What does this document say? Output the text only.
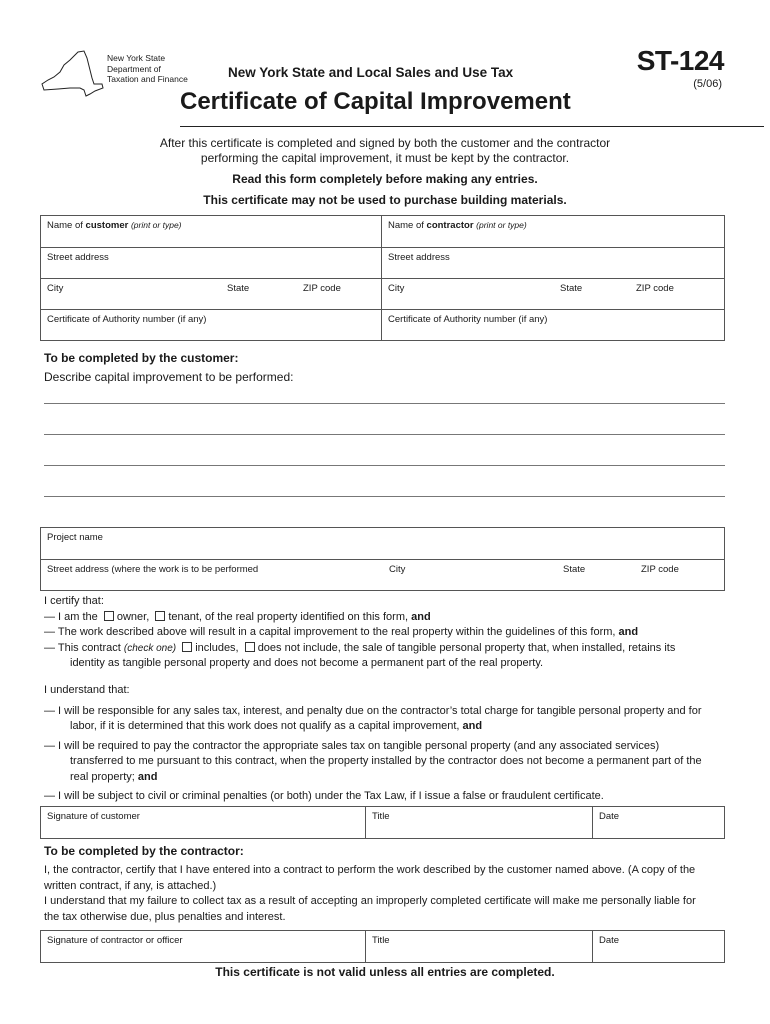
New York State
Department of
Taxation and Finance	New York State and Local Sales and Use Tax	ST-124
(5/06)
Certificate of Capital Improvement
After this certificate is completed and signed by both the customer and the contractor
performing the capital improvement, it must be kept by the contractor.
Read this form completely before making any entries.
This certificate may not be used to purchase building materials.
Name of customer (print or type)	Name of contractor (print or type)
Street address	Street address
City	State	ZIP code	City	State	ZIP code
Certificate of Authority number (if any)	Certificate of Authority number (if any)
To be completed by the customer:
Describe capital improvement to be performed:
Project name
Street address (where the work is to be performed	City	State	ZIP code
I certify that:
— I am the owner, tenant, of the real property identified on this form, and
— The work described above will result in a capital improvement to the real property within the guidelines of this form, and
— This contract (check one) includes, does not include, the sale of tangible personal property that, when installed, retains its
identity as tangible personal property and does not become a permanent part of the real property.
I understand that:
— I will be responsible for any sales tax, interest, and penalty due on the contractor’s total charge for tangible personal property and for
labor, if it is determined that this work does not qualify as a capital improvement, and
— I will be required to pay the contractor the appropriate sales tax on tangible personal property (and any associated services)
transferred to me pursuant to this contract, when the property installed by the contractor does not become a permanent part of the
real property; and
— I will be subject to civil or criminal penalties (or both) under the Tax Law, if I issue a false or fraudulent certificate.
Signature of customer	Title	Date
To be completed by the contractor:
I, the contractor, certify that I have entered into a contract to perform the work described by the customer named above. (A copy of the
written contract, if any, is attached.)
I understand that my failure to collect tax as a result of accepting an improperly completed certificate will make me personally liable for
the tax otherwise due, plus penalties and interest.
Signature of contractor or officer	Title	Date
This certificate is not valid unless all entries are completed.
